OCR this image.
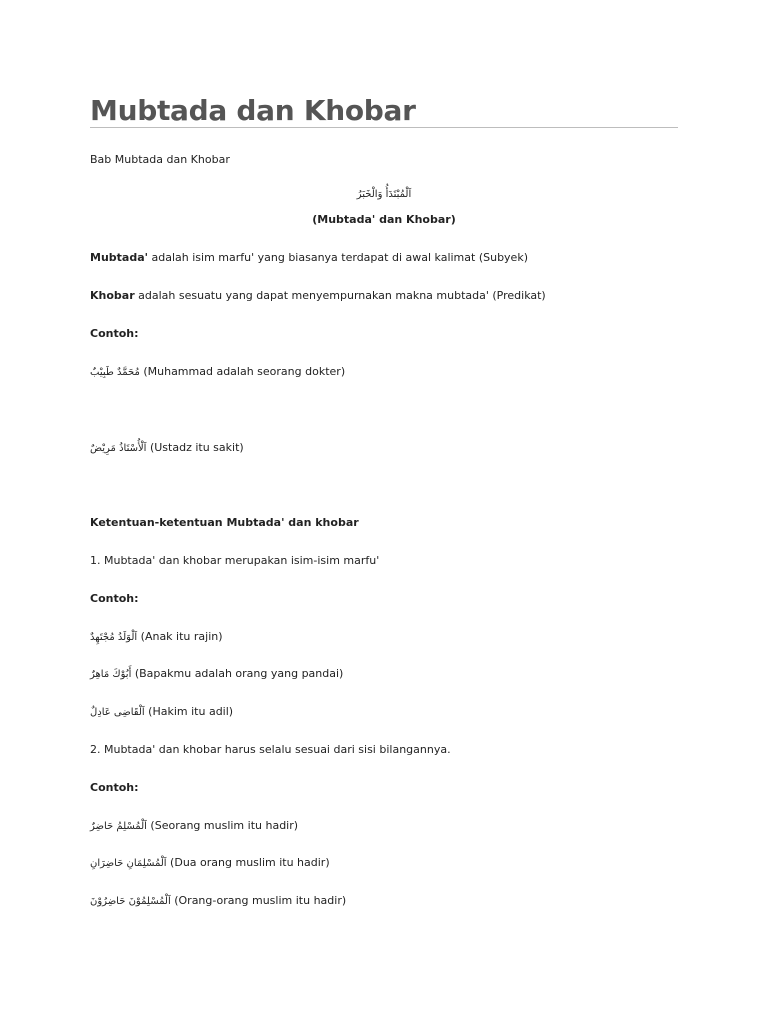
Mubtada dan Khobar
Bab Mubtada dan Khobar
اَلْمُبْتَدَأُ وَالْخَبَرُ
(Mubtada' dan Khobar)
Mubtada' adalah isim marfu' yang biasanya terdapat di awal kalimat (Subyek)
Khobar adalah sesuatu yang dapat menyempurnakan makna mubtada' (Predikat)
Contoh:
مُحَمَّدٌ طَبِيْبٌ (Muhammad adalah seorang dokter)
اَلْأُسْتَاذُ مَرِيْضٌ (Ustadz itu sakit)
Ketentuan-ketentuan Mubtada' dan khobar
1. Mubtada' dan khobar merupakan isim-isim marfu'
Contoh:
اَلْوَلَدُ مُجْتَهِدٌ (Anak itu rajin)
أَبُوْكَ مَاهِرٌ (Bapakmu adalah orang yang pandai)
اَلْقَاضِى عَادِلٌ (Hakim itu adil)
2. Mubtada' dan khobar harus selalu sesuai dari sisi bilangannya.
Contoh:
اَلْمُسْلِمُ حَاضِرٌ (Seorang muslim itu hadir)
اَلْمُسْلِمَانِ حَاضِرَانِ (Dua orang muslim itu hadir)
اَلْمُسْلِمُوْنَ حَاضِرُوْنَ (Orang-orang muslim itu hadir)
